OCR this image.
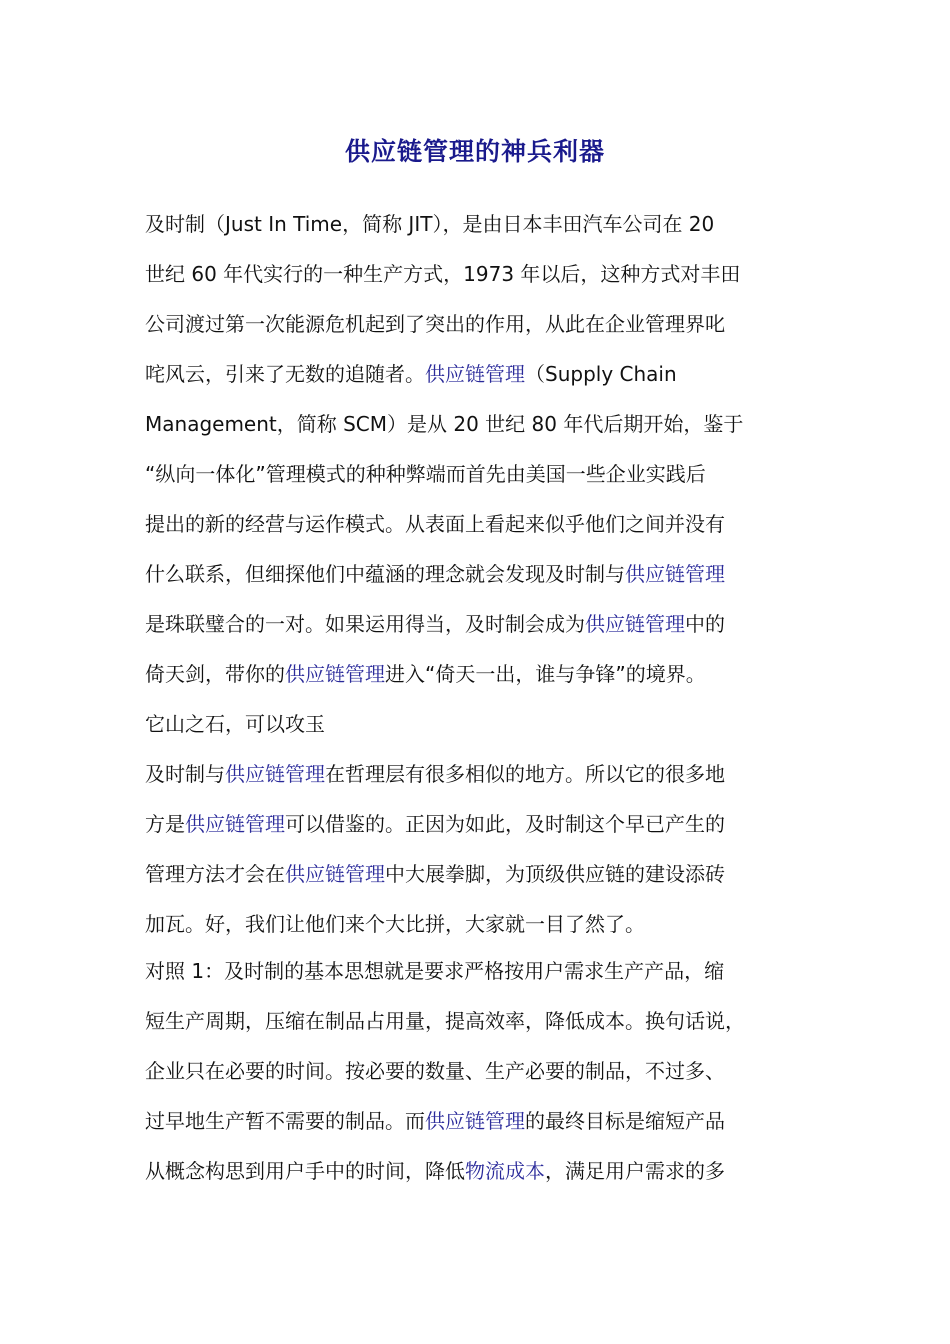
供应链管理的神兵利器
及时制（Just In Time，简称 JIT），是由日本丰田汽车公司在 20
世纪 60 年代实行的一种生产方式，1973 年以后，这种方式对丰田
公司渡过第一次能源危机起到了突出的作用，从此在企业管理界叱
咤风云，引来了无数的追随者。供应链管理（Supply Chain
Management，简称 SCM）是从 20 世纪 80 年代后期开始，鉴于
“纵向一体化”管理模式的种种弊端而首先由美国一些企业实践后
提出的新的经营与运作模式。从表面上看起来似乎他们之间并没有
什么联系，但细探他们中蕴涵的理念就会发现及时制与供应链管理
是珠联璧合的一对。如果运用得当，及时制会成为供应链管理中的
倚天剑，带你的供应链管理进入“倚天一出，谁与争锋”的境界。
它山之石，可以攻玉
及时制与供应链管理在哲理层有很多相似的地方。所以它的很多地
方是供应链管理可以借鉴的。正因为如此，及时制这个早已产生的
管理方法才会在供应链管理中大展拳脚，为顶级供应链的建设添砖
加瓦。好，我们让他们来个大比拼，大家就一目了然了。
对照 1：及时制的基本思想就是要求严格按用户需求生产产品，缩
短生产周期，压缩在制品占用量，提高效率，降低成本。换句话说，
企业只在必要的时间。按必要的数量、生产必要的制品，不过多、
过早地生产暂不需要的制品。而供应链管理的最终目标是缩短产品
从概念构思到用户手中的时间，降低物流成本，满足用户需求的多
